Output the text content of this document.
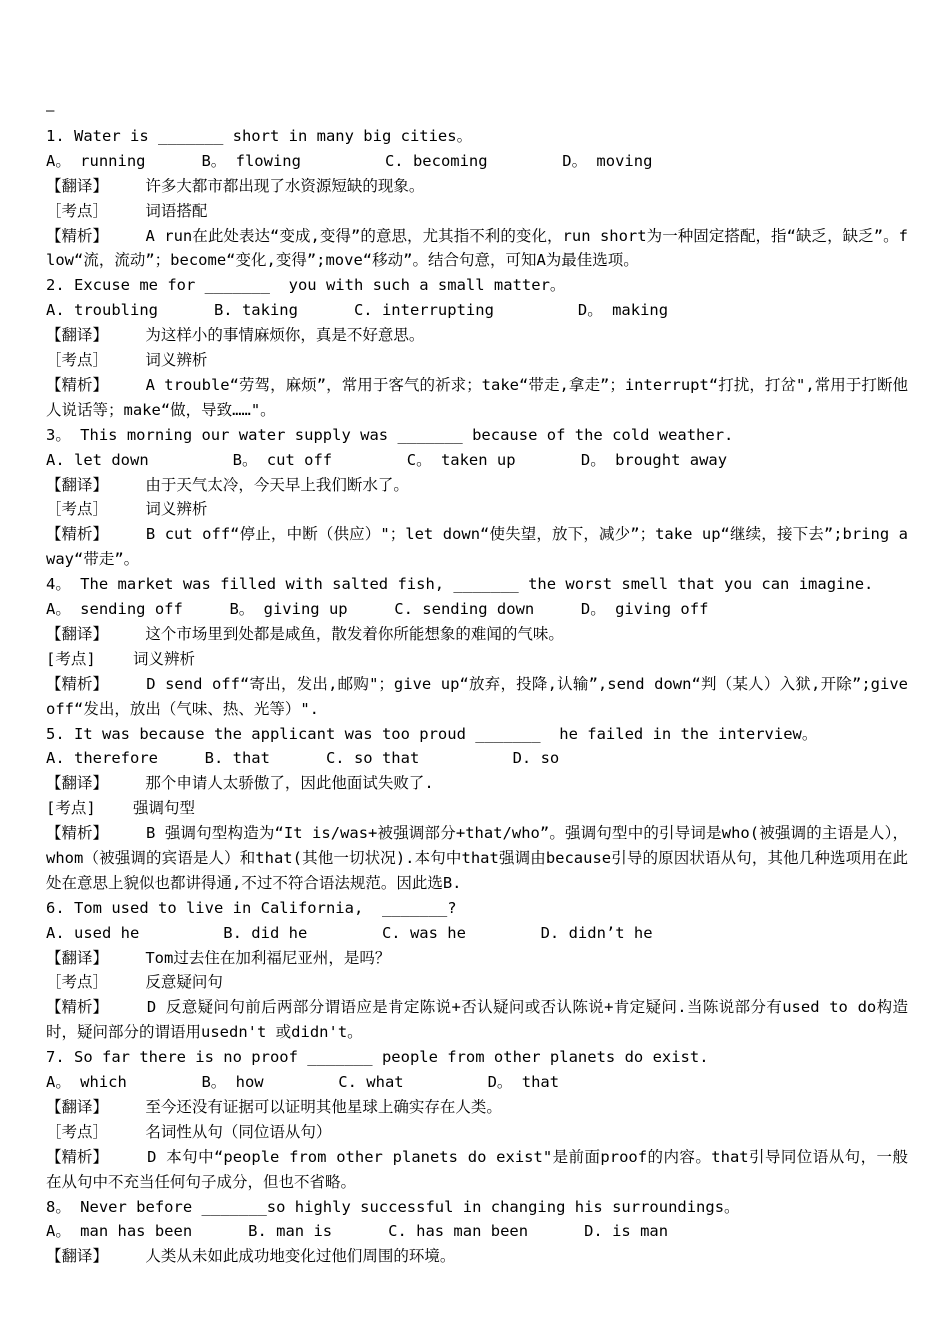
—
1. Water is _______ short in many big cities。
A。 running      B。 flowing         C. becoming        D。 moving
【翻译】 许多大都市都出现了水资源短缺的现象。
［考点］ 词语搭配
【精析】 A run在此处表达“变成,变得”的意思，尤其指不利的变化，run short为一种固定搭配，指“缺乏，缺乏”。flow“流，流动”；become“变化,变得”;move“移动”。结合句意，可知A为最佳选项。
2. Excuse me for _______  you with such a small matter。
A. troubling      B. taking      C. interrupting         D。 making
【翻译】 为这样小的事情麻烦你，真是不好意思。
［考点］ 词义辨析
【精析】 A trouble“劳驾，麻烦”，常用于客气的祈求；take“带走,拿走”；interrupt“打扰，打岔",常用于打断他人说话等；make“做，导致……"。
3。 This morning our water supply was _______ because of the cold weather.
A. let down         B。 cut off        C。 taken up       D。 brought away
【翻译】 由于天气太冷，今天早上我们断水了。
［考点］ 词义辨析
【精析】 B cut off“停止，中断（供应）"；let down“使失望，放下，减少”；take up“继续，接下去”;bring away“带走”。
4。 The market was filled with salted fish, _______ the worst smell that you can imagine.
A。 sending off     B。 giving up     C. sending down     D。 giving off
【翻译】 这个市场里到处都是咸鱼，散发着你所能想象的难闻的气味。
[考点] 词义辨析
【精析】 D send off“寄出，发出,邮购"；give up“放弃，投降,认输”,send down“判（某人）入狱,开除”;give off“发出，放出（气味、热、光等）".
5. It was because the applicant was too proud _______  he failed in the interview。
A. therefore     B. that      C. so that          D. so
【翻译】 那个申请人太骄傲了，因此他面试失败了.
[考点] 强调句型
【精析】 B 强调句型构造为“It is/was+被强调部分+that/who”。强调句型中的引导词是who(被强调的主语是人），whom（被强调的宾语是人）和that(其他一切状况).本句中that强调由because引导的原因状语从句，其他几种选项用在此处在意思上貌似也都讲得通,不过不符合语法规范。因此选B.
6. Tom used to live in California,  _______?
A. used he         B. did he        C. was he        D. didn’t he
【翻译】 Tom过去住在加利福尼亚州，是吗？
［考点］ 反意疑问句
【精析】	D 反意疑问句前后两部分谓语应是肯定陈说+否认疑问或否认陈说+肯定疑问.当陈说部分有used to do构造时，疑问部分的谓语用usedn't 或didn't。
7. So far there is no proof _______ people from other planets do exist.
A。 which        B。 how        C. what         D。 that
【翻译】 至今还没有证据可以证明其他星球上确实存在人类。
［考点］ 名词性从句（同位语从句）
【精析】	D 本句中“people from other planets do exist"是前面proof的内容。that引导同位语从句，一般在从句中不充当任何句子成分，但也不省略。
8。 Never before _______so highly successful in changing his surroundings。
A。 man has been      B. man is      C. has man been      D. is man
【翻译】 人类从未如此成功地变化过他们周围的环境。
